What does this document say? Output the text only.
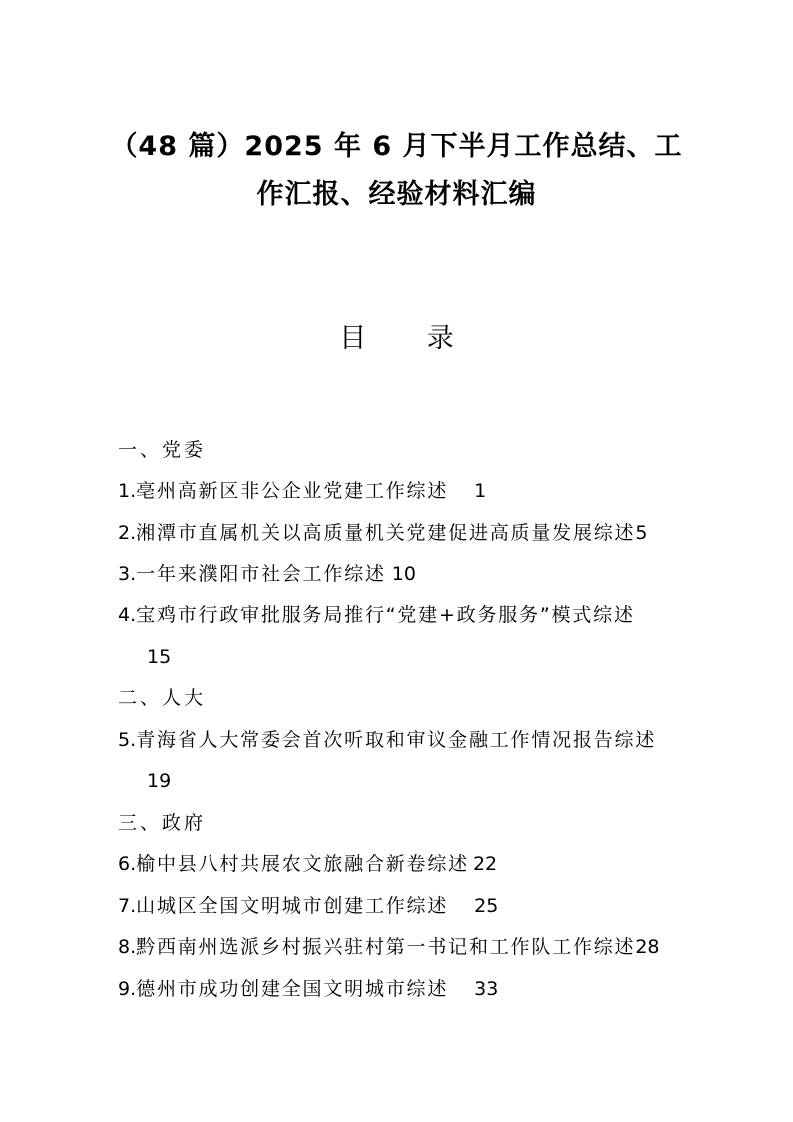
（48 篇）2025 年 6 月下半月工作总结、工
作汇报、经验材料汇编
目 录
一、党委
1.亳州高新区非公企业党建工作综述 1
2.湘潭市直属机关以高质量机关党建促进高质量发展综述5
3.一年来濮阳市社会工作综述 10
4.宝鸡市行政审批服务局推行“党建+政务服务”模式综述
15
二、人大
5.青海省人大常委会首次听取和审议金融工作情况报告综述
19
三、政府
6.榆中县八村共展农文旅融合新卷综述 22
7.山城区全国文明城市创建工作综述 25
8.黔西南州选派乡村振兴驻村第一书记和工作队工作综述28
9.德州市成功创建全国文明城市综述 33
